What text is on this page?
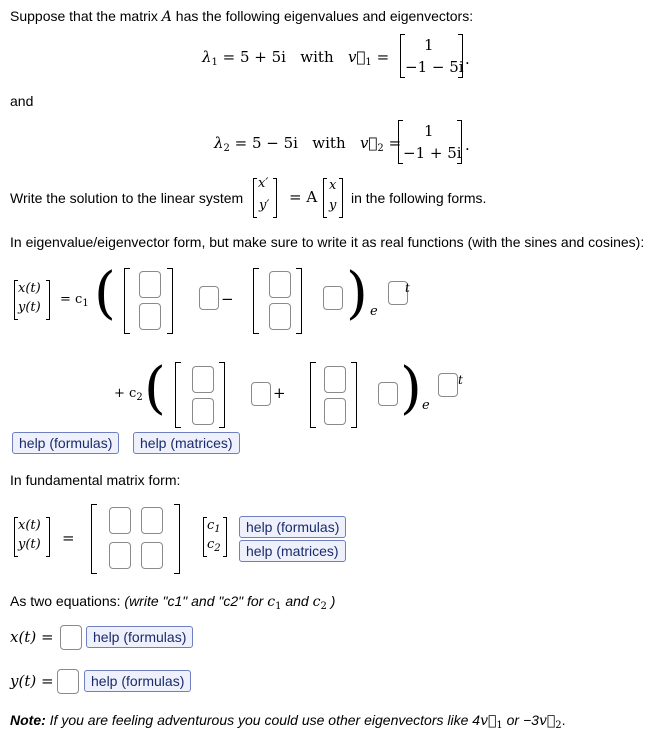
Suppose that the matrix A has the following eigenvalues and eigenvectors:
$\lambda_1 = 5 + 5i$ with $v⃗_1$ =
1
−1 − 5i .
and
$\lambda_2 = 5 - 5i$ with $v⃗_2$ =
1
−1 + 5i .
Write the solution to the linear system
x′
y′ = A
x
y in the following forms.
In eigenvalue/eigenvector form, but make sure to write it as real functions (with the sines and cosines):
x(t)
y(t)
= $c_1$ (	− ) e
t
+ $c_2$ (	+ ) e
t
help (formulas)	help (matrices)
In fundamental matrix form:
x(t)
y(t) =
$c_1$
$c_2$
help (formulas)
help (matrices)
As two equations: (write "c1" and "c2" for $c_1$ and $c_2$ )
x(t) =	help (formulas)
y(t) =	help (formulas)
Note: If you are feeling adventurous you could use other eigenvectors like $4v⃗_1$ or $-3v⃗_2$.
